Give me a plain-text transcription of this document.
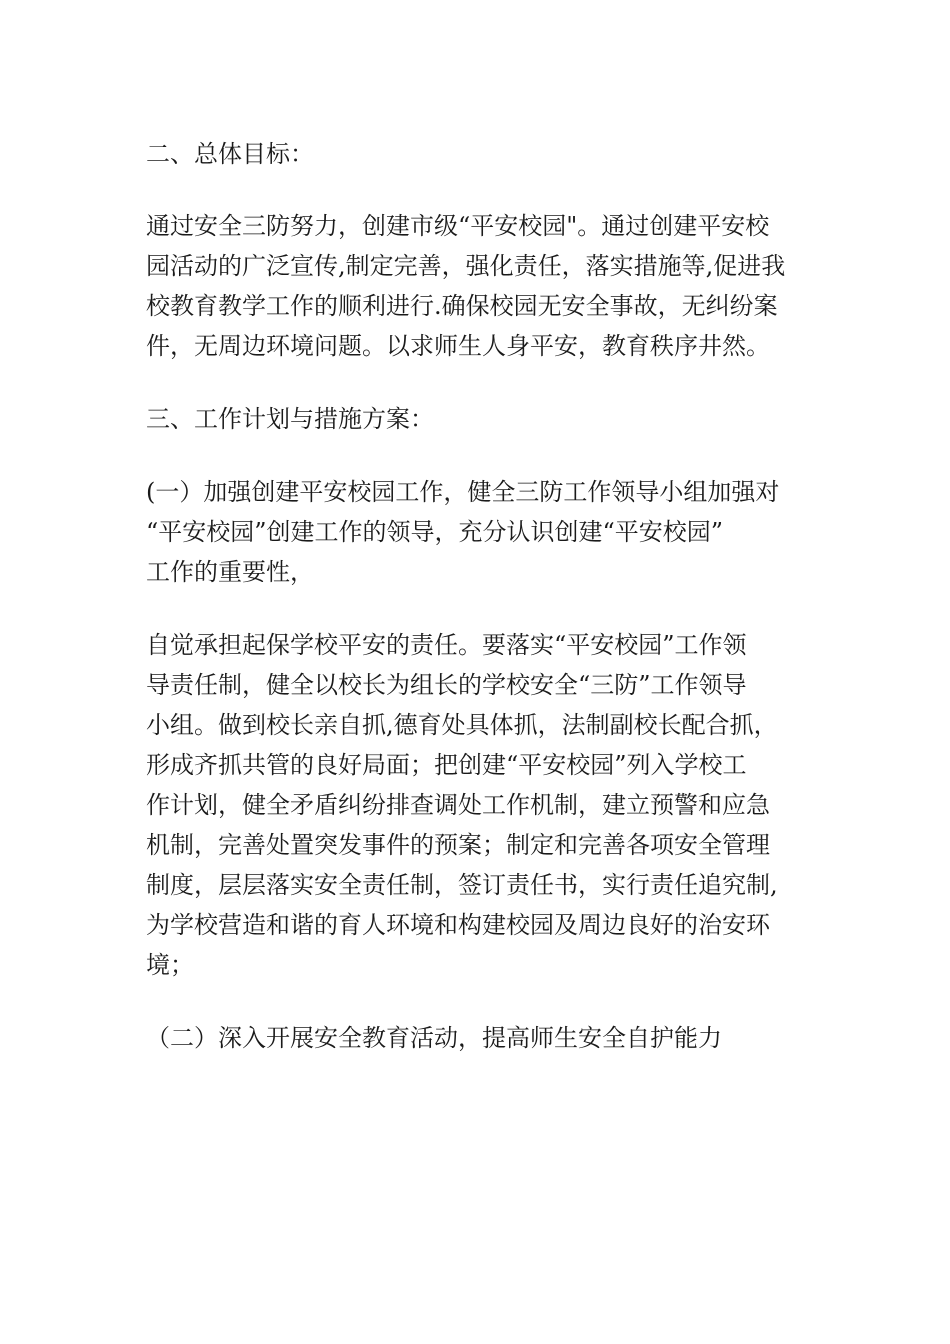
二、总体目标：
通过安全三防努力，创建市级“平安校园"。通过创建平安校
园活动的广泛宣传,制定完善，强化责任，落实措施等,促进我
校教育教学工作的顺利进行.确保校园无安全事故，无纠纷案
件，无周边环境问题。以求师生人身平安，教育秩序井然。
三、工作计划与措施方案：
(一）加强创建平安校园工作，健全三防工作领导小组加强对
“平安校园”创建工作的领导，充分认识创建“平安校园”
工作的重要性，
自觉承担起保学校平安的责任。要落实“平安校园”工作领
导责任制，健全以校长为组长的学校安全“三防”工作领导
小组。做到校长亲自抓,德育处具体抓，法制副校长配合抓，
形成齐抓共管的良好局面；把创建“平安校园”列入学校工
作计划，健全矛盾纠纷排查调处工作机制，建立预警和应急
机制，完善处置突发事件的预案；制定和完善各项安全管理
制度，层层落实安全责任制，签订责任书，实行责任追究制,
为学校营造和谐的育人环境和构建校园及周边良好的治安环
境；
（二）深入开展安全教育活动，提高师生安全自护能力
